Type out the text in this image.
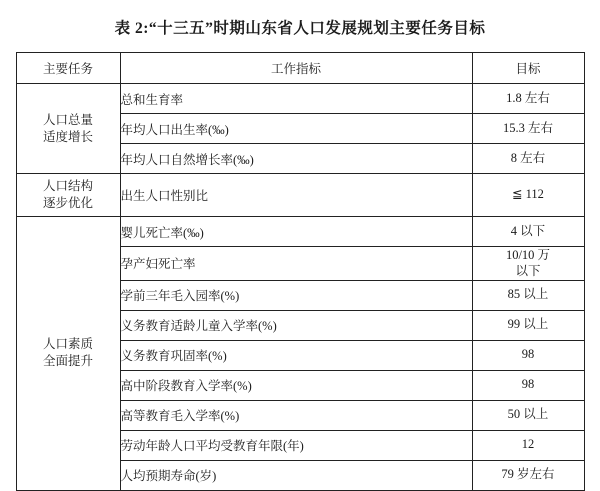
表 2:“十三五”时期山东省人口发展规划主要任务目标
主要任务	工作指标	目标

人口总量
适度增长	总和生育率	1.8 左右
	年均人口出生率(‰)	15.3 左右
	年均人口自然增长率(‰)	8 左右

人口结构
逐步优化	出生人口性别比	≦ 112

人口素质
全面提升	婴儿死亡率(‰)	4 以下
	孕产妇死亡率	10/10 万
以下

	学前三年毛入园率(%)	85 以上
	义务教育适龄儿童入学率(%)	99 以上
	义务教育巩固率(%)	98
	高中阶段教育入学率(%)	98
	高等教育毛入学率(%)	50 以上
	劳动年龄人口平均受教育年限(年)	12
	人均预期寿命(岁)	79 岁左右
